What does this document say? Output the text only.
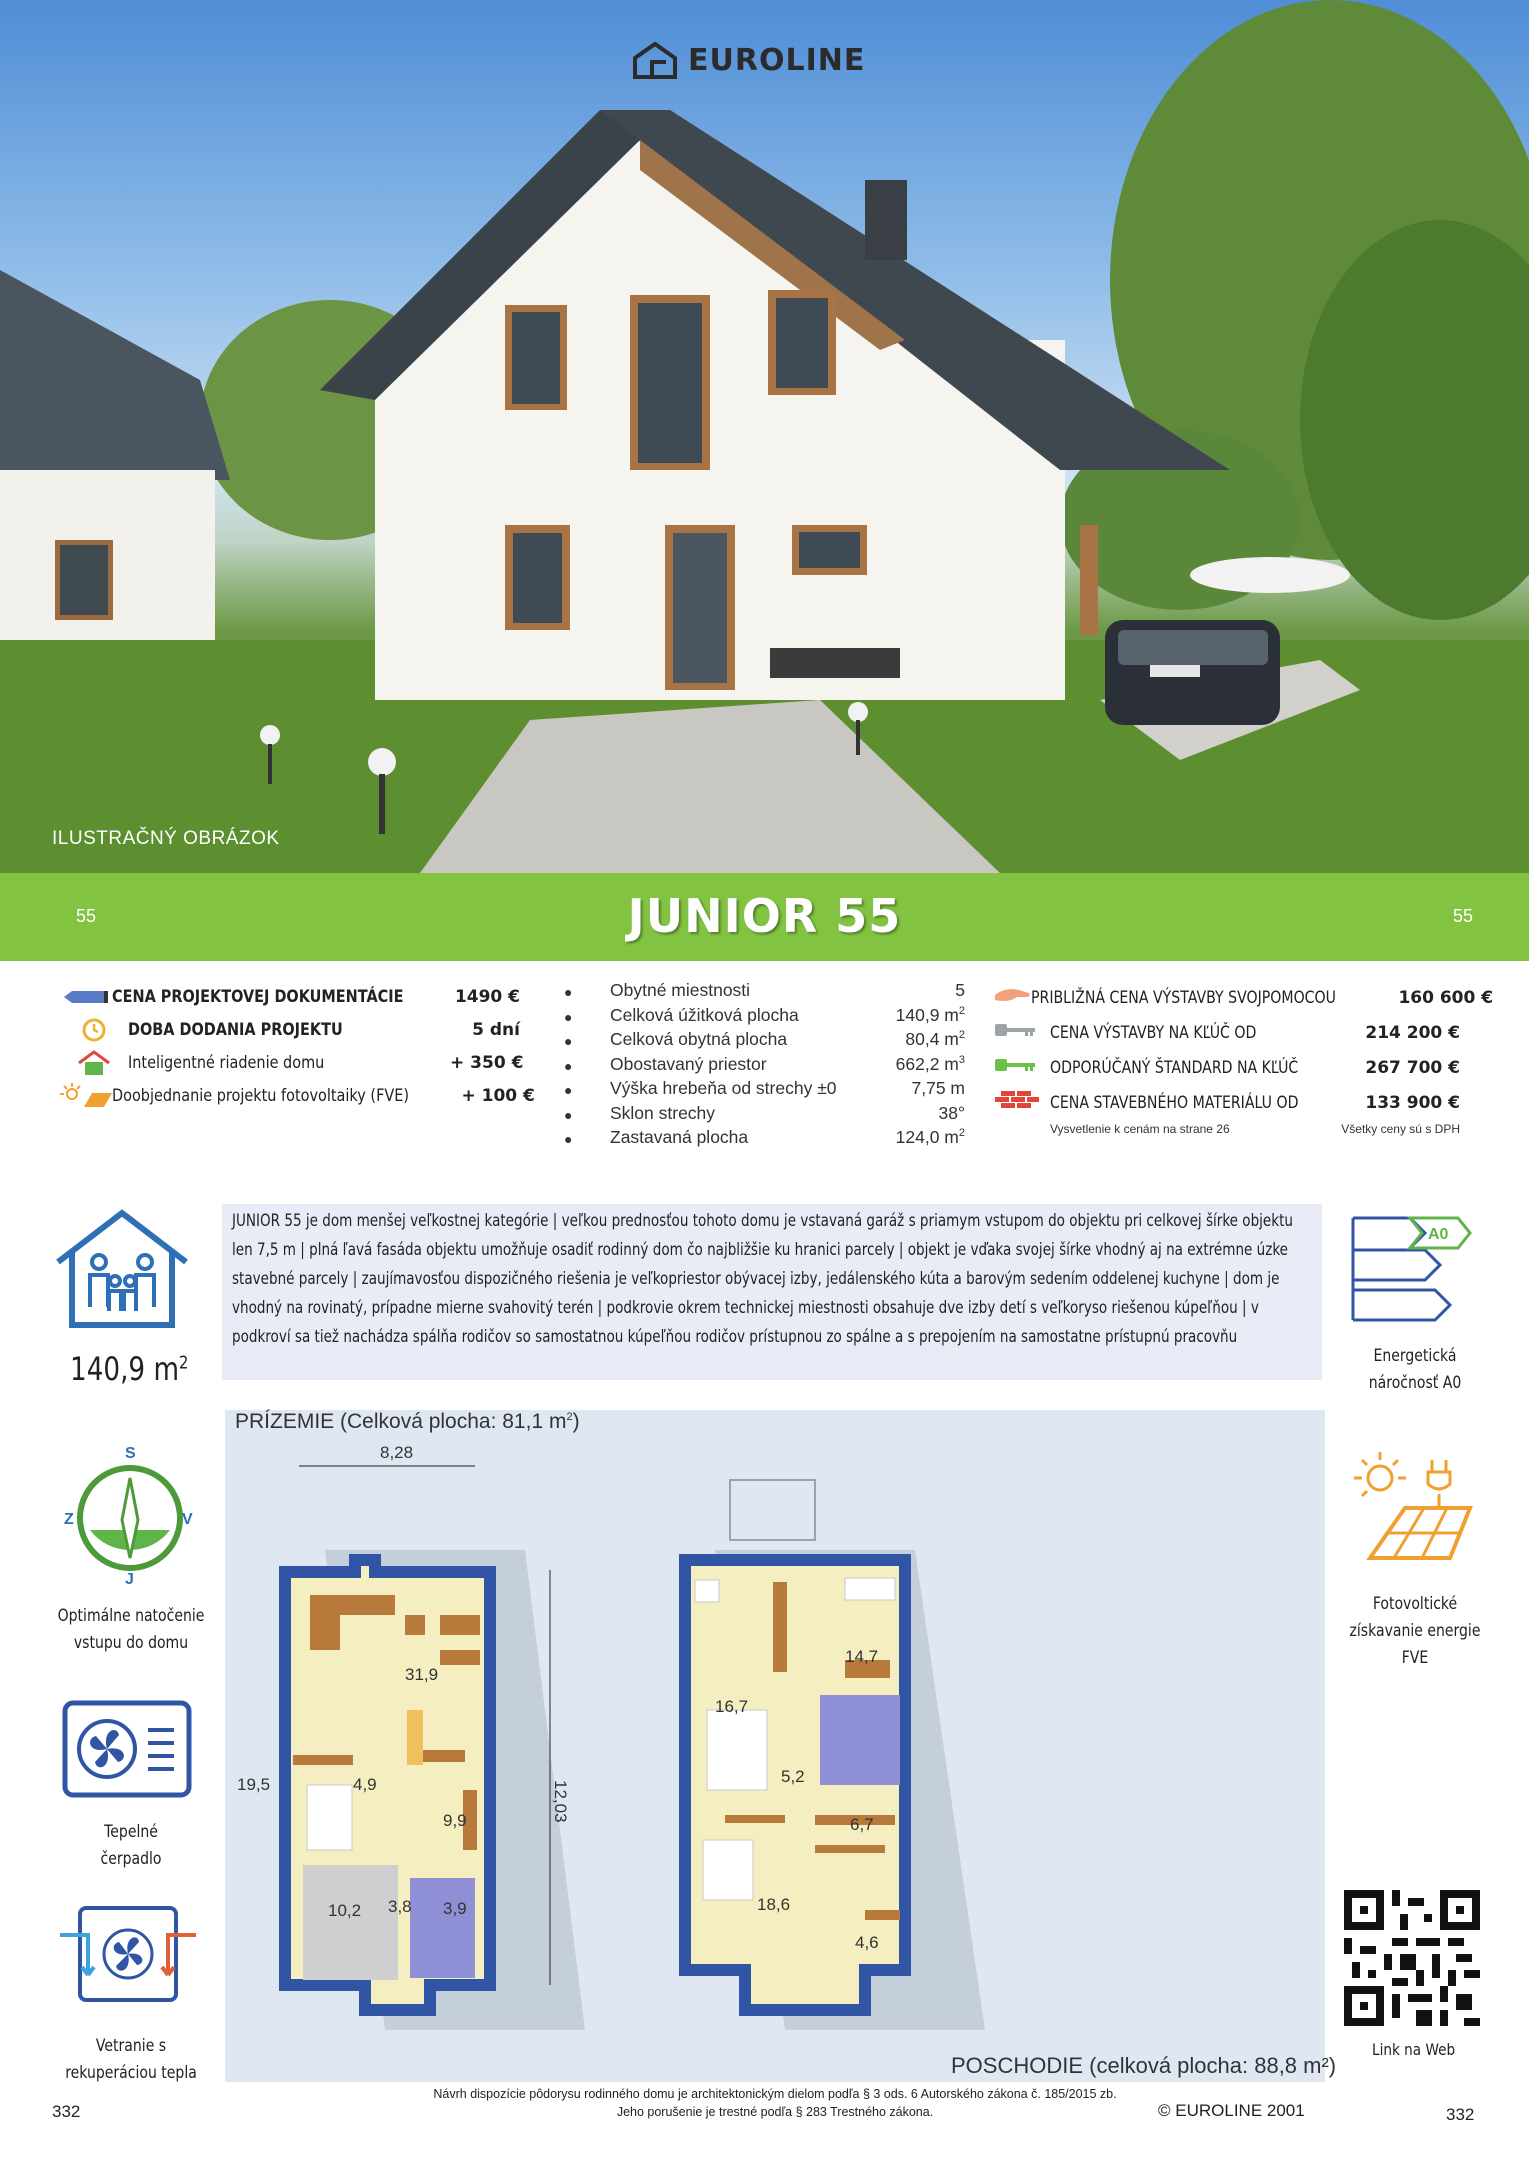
EUROLINE
ILUSTRAČNÝ OBRÁZOK
55	JUNIOR 55	55
CENA PROJEKTOVEJ DOKUMENTÁCIE	1490 €
DOBA DODANIA PROJEKTU	5 dní
Inteligentné riadenie domu	+ 350 €
Doobjednanie projektu fotovoltaiky (FVE)	+ 100 €
●	Obytné miestnosti	5
●	Celková úžitková plocha	140,9 $m^2$
●	Celková obytná plocha	80,4 $m^2$
●	Obostavaný priestor	662,2 $m^3$
●	Výška hrebeňa od strechy ±0	7,75 m
●	Sklon strechy	38°
●	Zastavaná plocha	124,0 $m^2$
PRIBLIŽNÁ CENA VÝSTAVBY SVOJPOMOCOU	160 600 €
CENA VÝSTAVBY NA KĽÚČ OD	214 200 €
ODPORÚČANÝ ŠTANDARD NA KĽÚČ	267 700 €
CENA STAVEBNÉHO MATERIÁLU OD	133 900 €
Vysvetlenie k cenám na strane 26	Všetky ceny sú s DPH
140,9 $m^2$
S
J
Z	V
Optimálne natočenie
vstupu do domu
Tepelné
čerpadlo
Vetranie s
rekuperáciou tepla
JUNIOR 55 je dom menšej veľkostnej kategórie | veľkou prednosťou tohoto domu je vstavaná garáž s priamym vstupom do objektu pri celkovej šírke objektu len 7,5 m | plná ľavá fasáda objektu umožňuje osadiť rodinný dom čo najbližšie ku hranici parcely | objekt je vďaka svojej šírke vhodný aj na extrémne úzke stavebné parcely | zaujímavosťou dispozičného riešenia je veľkopriestor obývacej izby, jedálenského kúta a barovým sedením oddelenej kuchyne | dom je vhodný na rovinatý, prípadne mierne svahovitý terén | podkrovie okrem technickej miestnosti obsahuje dve izby detí s veľkoryso riešenou kúpeľňou | v podkroví sa tiež nachádza spálňa rodičov so samostatnou kúpeľňou rodičov prístupnou zo spálne a s prepojením na samostatne prístupnú pracovňu
A0
Energetická
náročnosť A0
Fotovoltické
získavanie energie
FVE
Link na Web
8,28
12,03
31,9
4,9
9,9
10,2 3,8 3,9
19,5
16,7
14,7
5,2
6,7
18,6
4,6
PRÍZEMIE (Celková plocha: 81,1 $m^2$)
POSCHODIE (celková plocha: 88,8 m²)
332
Návrh dispozície pôdorysu rodinného domu je architektonickým dielom podľa § 3 ods. 6 Autorského zákona č. 185/2015 zb.
Jeho porušenie je trestné podľa § 283 Trestného zákona.	© EUROLINE 2001	332
